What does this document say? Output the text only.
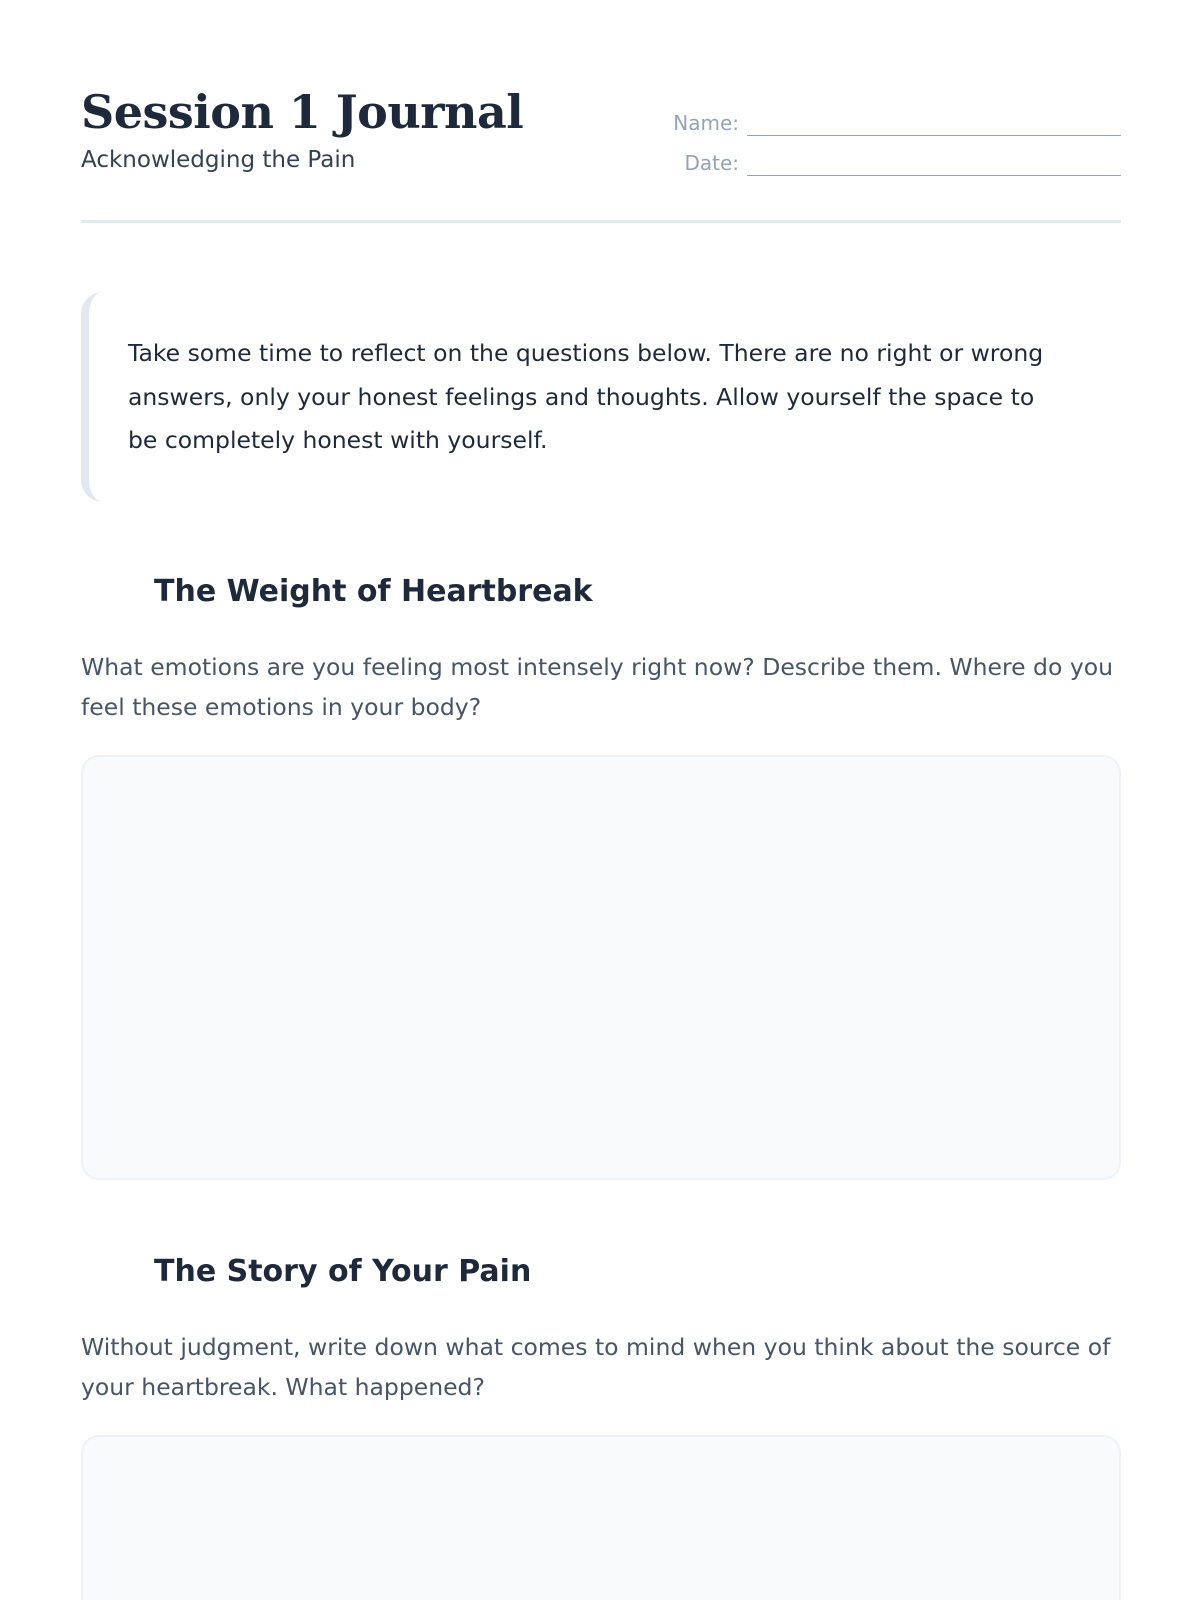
Session 1 Journal
Acknowledging the Pain
Name:
Date:

Take some time to reflect on the questions below. There are no right or wrong answers, only your honest feelings and thoughts. Allow yourself the space to be completely honest with yourself.

The Weight of Heartbreak

What emotions are you feeling most intensely right now? Describe them. Where do you feel these emotions in your body?

The Story of Your Pain

Without judgment, write down what comes to mind when you think about the source of your heartbreak. What happened?
